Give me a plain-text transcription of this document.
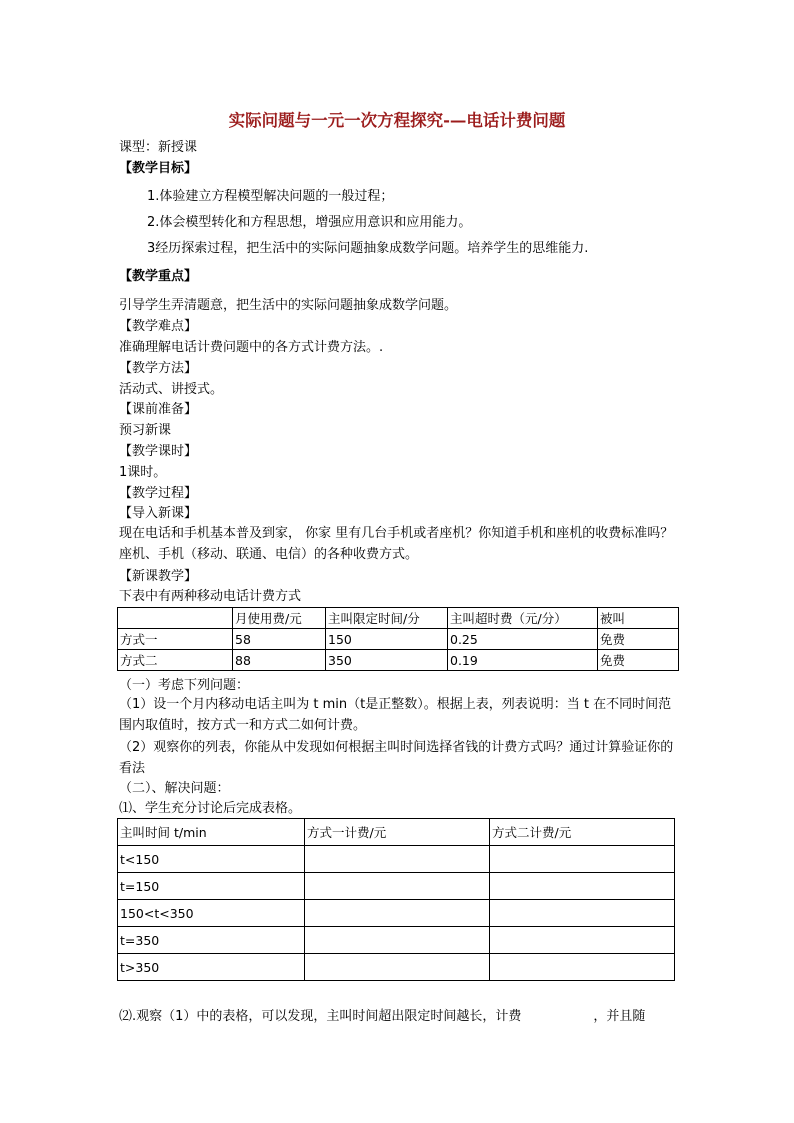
实际问题与一元一次方程探究-—电话计费问题
课型：新授课
【教学目标】
1.体验建立方程模型解决问题的一般过程；
2.体会模型转化和方程思想，增强应用意识和应用能力。
3经历探索过程，把生活中的实际问题抽象成数学问题。培养学生的思维能力.
【教学重点】
引导学生弄清题意，把生活中的实际问题抽象成数学问题。
【教学难点】
准确理解电话计费问题中的各方式计费方法。.
【教学方法】
活动式、讲授式。
【课前准备】
预习新课
【教学课时】
1课时。
【教学过程】
【导入新课】
现在电话和手机基本普及到家， 你家 里有几台手机或者座机？你知道手机和座机的收费标准吗？ 座机、手机（移动、联通、电信）的各种收费方式。
【新课教学】
下表中有两种移动电话计费方式
	月使用费/元	主叫限定时间/分	主叫超时费（元/分）	被叫
方式一	58	150	0.25	免费
方式二	88	350	0.19	免费
（一）考虑下列问题：
（1）设一个月内移动电话主叫为 t min（t是正整数）。根据上表，列表说明：当 t 在不同时间范围内取值时，按方式一和方式二如何计费。
（2）观察你的列表，你能从中发现如何根据主叫时间选择省钱的计费方式吗？通过计算验证你的看法
（二）、解决问题：
⑴、学生充分讨论后完成表格。
主叫时间 t/min	方式一计费/元	方式二计费/元
t<150		
t=150		
150<t<350		
t=350		
t>350		
⑵.观察（1）中的表格，可以发现，主叫时间超出限定时间越长，计费	，并且随
